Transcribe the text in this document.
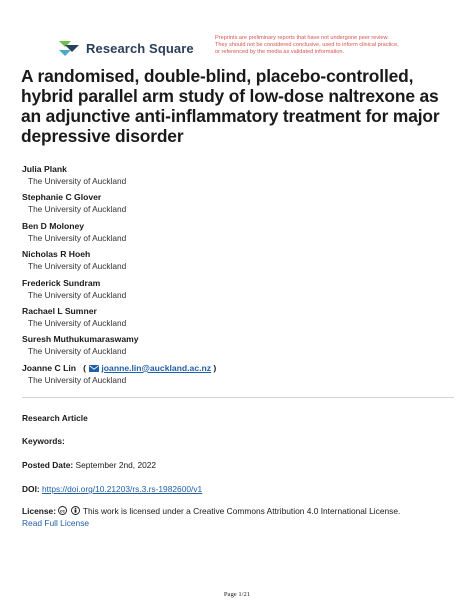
Research Square
Preprints are preliminary reports that have not undergone peer review.
They should not be considered conclusive, used to inform clinical practice,
or referenced by the media as validated information.
A randomised, double-blind, placebo-controlled,
hybrid parallel arm study of low-dose naltrexone as
an adjunctive anti-inflammatory treatment for major
depressive disorder
Julia Plank
The University of Auckland
Stephanie C Glover
The University of Auckland
Ben D Moloney
The University of Auckland
Nicholas R Hoeh
The University of Auckland
Frederick Sundram
The University of Auckland
Rachael L Sumner
The University of Auckland
Suresh Muthukumaraswamy
The University of Auckland
Joanne C Lin ( joanne.lin@auckland.ac.nz )
The University of Auckland
Research Article
Keywords:
Posted Date: September 2nd, 2022
DOI: https://doi.org/10.21203/rs.3.rs-1982600/v1
License: cc This work is licensed under a Creative Commons Attribution 4.0 International License.
Read Full License
Page 1/21
